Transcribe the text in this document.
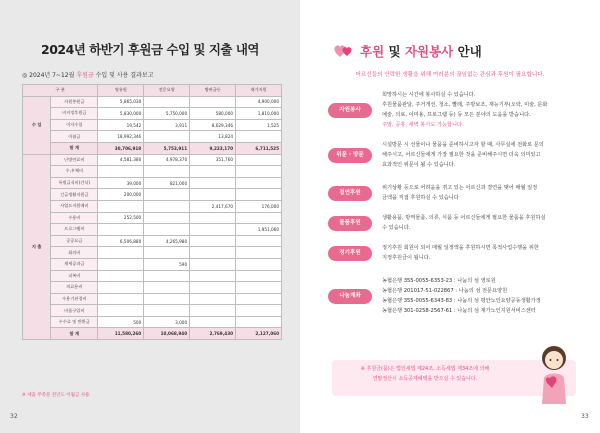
2024년 하반기 후원금 수입 및 지출 내역
◎ 2024년 7~12월 후원금 수입 및 사용 결과보고
구 분		영유원	전문요양	병판굼등	재가지원
수 입	자원봉원금	5,865,030			4,900,000
	비지정후원금	5,830,000	5,750,000	580,000	1,810,000
	이자수입	19,542	3,911	8,629,346	1,525
	이월금	18,992,346		13,824	
	합 계	30,706,918	5,753,911	9,223,170	6,711,525
지 출	난방연료비	4,581,380	4,978,370	351,760	
	수,우체비				
	특별급식비(간식)	39,000	821,000		
	긴급생활지원금	200,000			
	사업프지원매비			2,417,670	176,000
	수용비	252,500			
	프로그램비				1,951,060
	공공요금	6,506,880	4,265,980		
	회의비				
	재세공과금		590		
	피복비				
	의료용비				
	수용기관경비				
	비품구입비				
	수수료 및 반환금	500	3,000		
	합 계	11,580,260	10,068,940	2,769,430	2,127,060
※ 세출 무족분 전년도 이월금 사용
32
후원 및 자원봉사 안내
어르신들의 안락한 생활을 위해 여러분의 끊임없는 관심과 후원이 필요합니다.
자원봉사
희망하시는 시간에 봉사하실 수 있습니다.
후원물품관달, 주거개선, 청소, 빨래, 주방보조, 재능기부(오락, 미술, 문화
예술, 의료, 이미용, 프로그램 등) 등 모든 분야의 도움을 받습니다.
주말, 공휴, 새벽 봉사도 가능합니다.
위문 · 방문
시설방문 시 선물이나 물품을 준비하시고자 할 때, 사무실에 전화로 문의
해주시고, 어르신들에게 가장 필요한 것을 준비해주시면 더욱 의미있고
효과적인 위문이 될 수 있습니다.
결연후원
위기상황 등으로 어려움을 겪고 있는 어르신과 결연을 맺어 매월 일정
금액을 직접 후원하실 수 있습니다
물품후원
생활용품, 방역물품, 의류, 식품 등 어르신들에게 필요한 물품을 후원하실
수 있습니다.
정기후원
정기후원 회원이 되어 매월 일정액을 후원하시면 목적사업수행을 위한
지정후원금이 됩니다.
나눔계좌
농협은행 355-0055-6353-23 : 나눔의 섬 영로원
농협은행 201017-51-022867 : 나눔의 섬 전문요양원
농협은행 355-0055-6343-83 : 나눔의 섬 평안노인요양공동생활가정
농협은행 301-0258-2567-61 : 나눔의 섬 재가노인지원서비스센터
※ 후원금(품)은 법인세법 제24조, 소득세법 제34조에 의해
연말정산시 소득공제혜택을 받으실 수 있습니다.
33
